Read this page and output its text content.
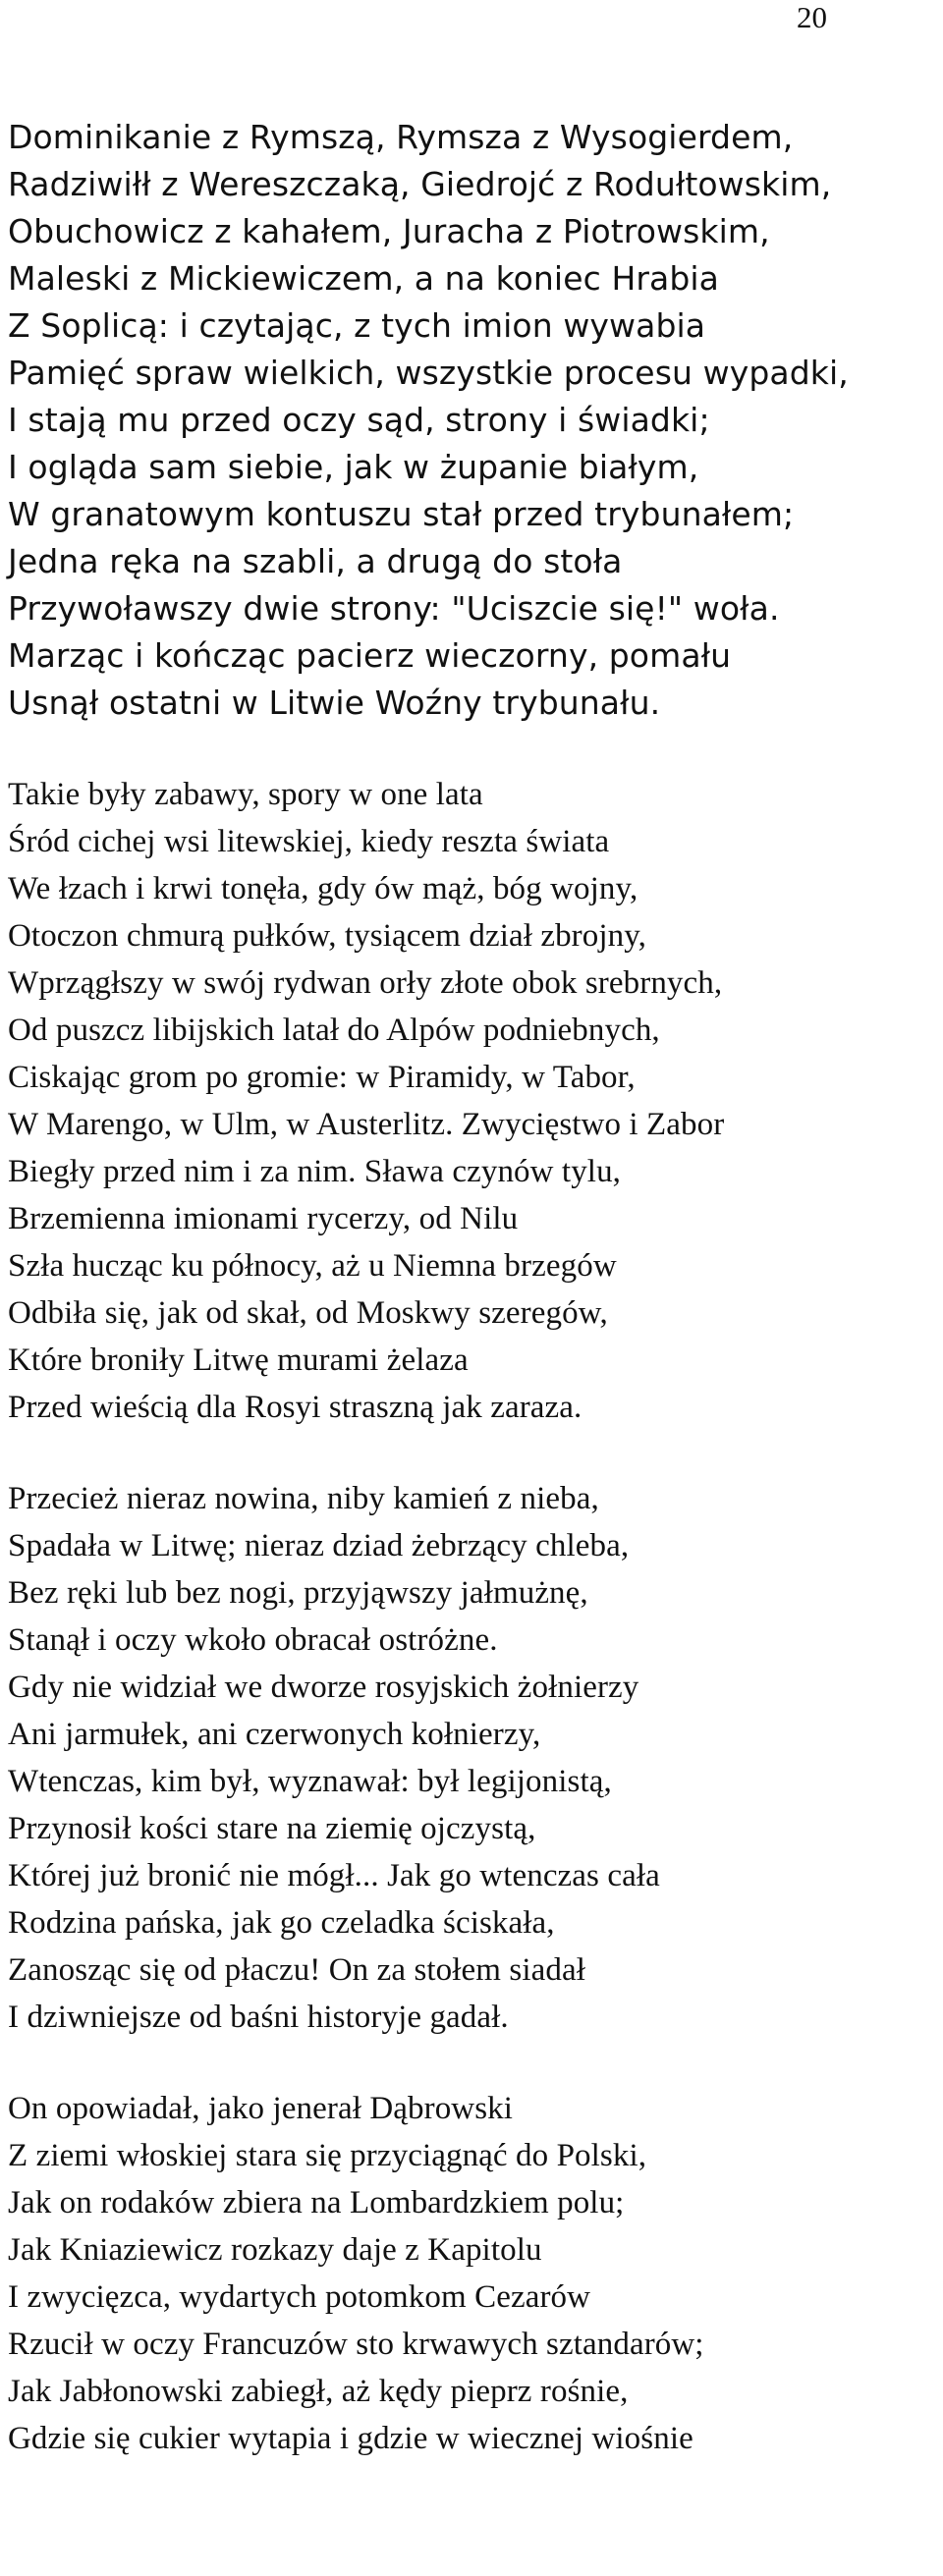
20
Dominikanie z Rymszą, Rymsza z Wysogierdem,
Radziwiłł z Wereszczaką, Giedrojć z Rodułtowskim,
Obuchowicz z kahałem, Juracha z Piotrowskim,
Maleski z Mickiewiczem, a na koniec Hrabia
Z Soplicą: i czytając, z tych imion wywabia
Pamięć spraw wielkich, wszystkie procesu wypadki,
I stają mu przed oczy sąd, strony i świadki;
I ogląda sam siebie, jak w żupanie białym,
W granatowym kontuszu stał przed trybunałem;
Jedna ręka na szabli, a drugą do stoła
Przywoławszy dwie strony: "Uciszcie się!" woła.
Marząc i kończąc pacierz wieczorny, pomału
Usnął ostatni w Litwie Woźny trybunału.
Takie były zabawy, spory w one lata
Śród cichej wsi litewskiej, kiedy reszta świata
We łzach i krwi tonęła, gdy ów mąż, bóg wojny,
Otoczon chmurą pułków, tysiącem dział zbrojny,
Wprzągłszy w swój rydwan orły złote obok srebrnych,
Od puszcz libijskich latał do Alpów podniebnych,
Ciskając grom po gromie: w Piramidy, w Tabor,
W Marengo, w Ulm, w Austerlitz. Zwycięstwo i Zabor
Biegły przed nim i za nim. Sława czynów tylu,
Brzemienna imionami rycerzy, od Nilu
Szła hucząc ku północy, aż u Niemna brzegów
Odbiła się, jak od skał, od Moskwy szeregów,
Które broniły Litwę murami żelaza
Przed wieścią dla Rosyi straszną jak zaraza.
Przecież nieraz nowina, niby kamień z nieba,
Spadała w Litwę; nieraz dziad żebrzący chleba,
Bez ręki lub bez nogi, przyjąwszy jałmużnę,
Stanął i oczy wkoło obracał ostróżne.
Gdy nie widział we dworze rosyjskich żołnierzy
Ani jarmułek, ani czerwonych kołnierzy,
Wtenczas, kim był, wyznawał: był legijonistą,
Przynosił kości stare na ziemię ojczystą,
Której już bronić nie mógł... Jak go wtenczas cała
Rodzina pańska, jak go czeladka ściskała,
Zanosząc się od płaczu! On za stołem siadał
I dziwniejsze od baśni historyje gadał.
On opowiadał, jako jenerał Dąbrowski
Z ziemi włoskiej stara się przyciągnąć do Polski,
Jak on rodaków zbiera na Lombardzkiem polu;
Jak Kniaziewicz rozkazy daje z Kapitolu
I zwycięzca, wydartych potomkom Cezarów
Rzucił w oczy Francuzów sto krwawych sztandarów;
Jak Jabłonowski zabiegł, aż kędy pieprz rośnie,
Gdzie się cukier wytapia i gdzie w wiecznej wiośnie
